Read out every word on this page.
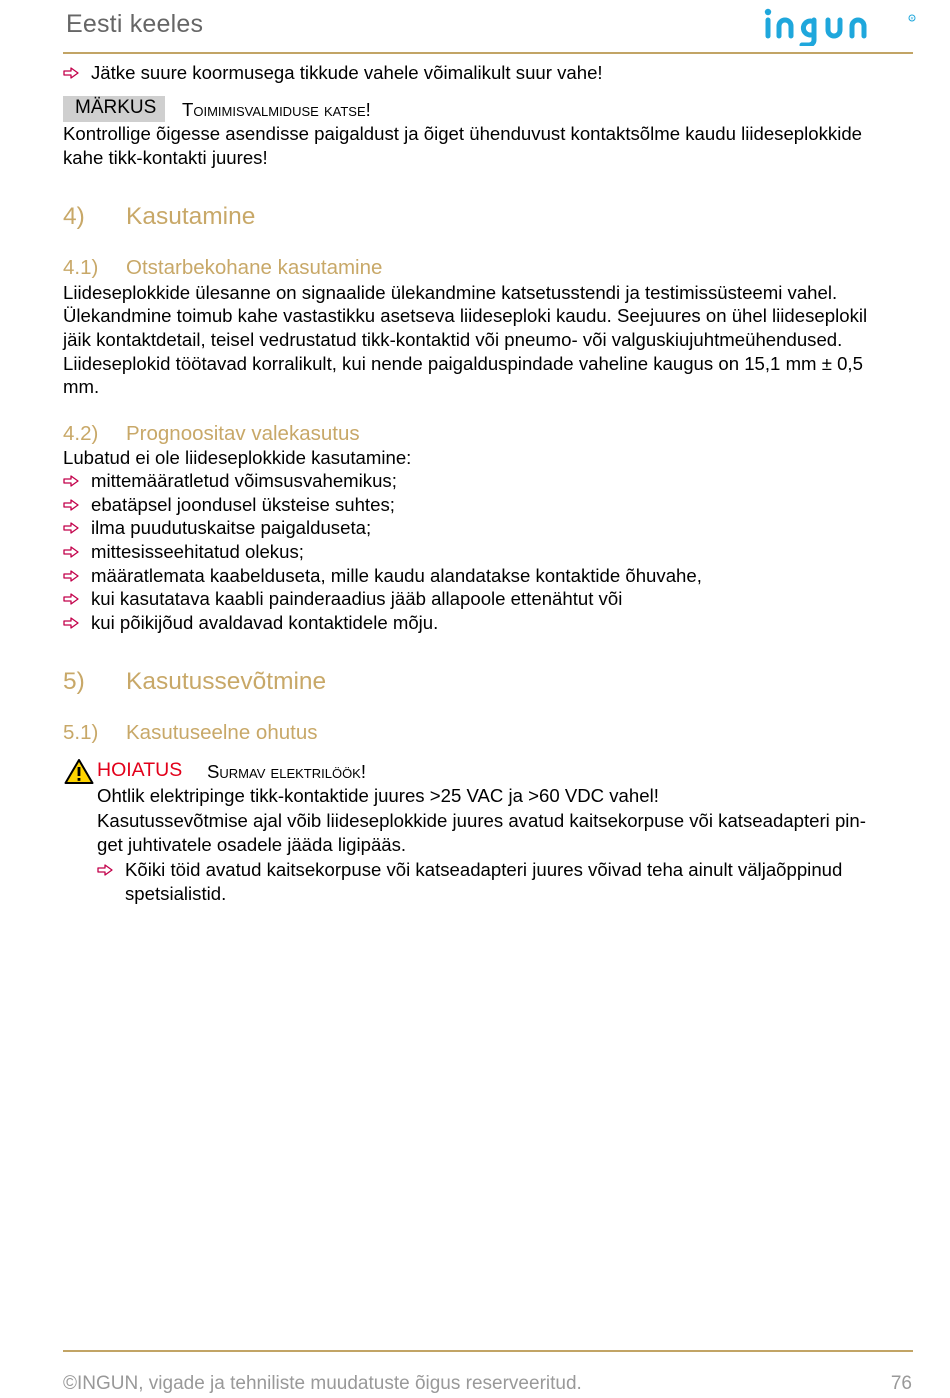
Eesti keeles	R
Jätke suure koormusega tikkude vahele võimalikult suur vahe!
MÄRKUS Toimimisvalmiduse katse!
Kontrollige õigesse asendisse paigaldust ja õiget ühenduvust kontaktsõlme kaudu liideseplokkide
kahe tikk-kontakti juures!
4) Kasutamine
4.1) Otstarbekohane kasutamine
Liideseplokkide ülesanne on signaalide ülekandmine katsetusstendi ja testimissüsteemi vahel.
Ülekandmine toimub kahe vastastikku asetseva liideseploki kaudu. Seejuures on ühel liideseplokil
jäik kontaktdetail, teisel vedrustatud tikk-kontaktid või pneumo- või valguskiujuhtmeühendused.
Liideseplokid töötavad korralikult, kui nende paigalduspindade vaheline kaugus on 15,1 mm ± 0,5
mm.
4.2) Prognoositav valekasutus
Lubatud ei ole liideseplokkide kasutamine:
mittemääratletud võimsusvahemikus;
ebatäpsel joondusel üksteise suhtes;
ilma puudutuskaitse paigalduseta;
mittesisseehitatud olekus;
määratlemata kaabelduseta, mille kaudu alandatakse kontaktide õhuvahe,
kui kasutatava kaabli painderaadius jääb allapoole ettenähtut või
kui põikijõud avaldavad kontaktidele mõju.
5) Kasutussevõtmine
5.1) Kasutuseelne ohutus
HOIATUS Surmav elektrilöök!
Ohtlik elektripinge tikk-kontaktide juures >25 VAC ja >60 VDC vahel!
Kasutussevõtmise ajal võib liideseplokkide juures avatud kaitsekorpuse või katseadapteri pin-
get juhtivatele osadele jääda ligipääs.
Kõiki töid avatud kaitsekorpuse või katseadapteri juures võivad teha ainult väljaõppinud
spetsialistid.
©INGUN, vigade ja tehniliste muudatuste õigus reserveeritud.	76
